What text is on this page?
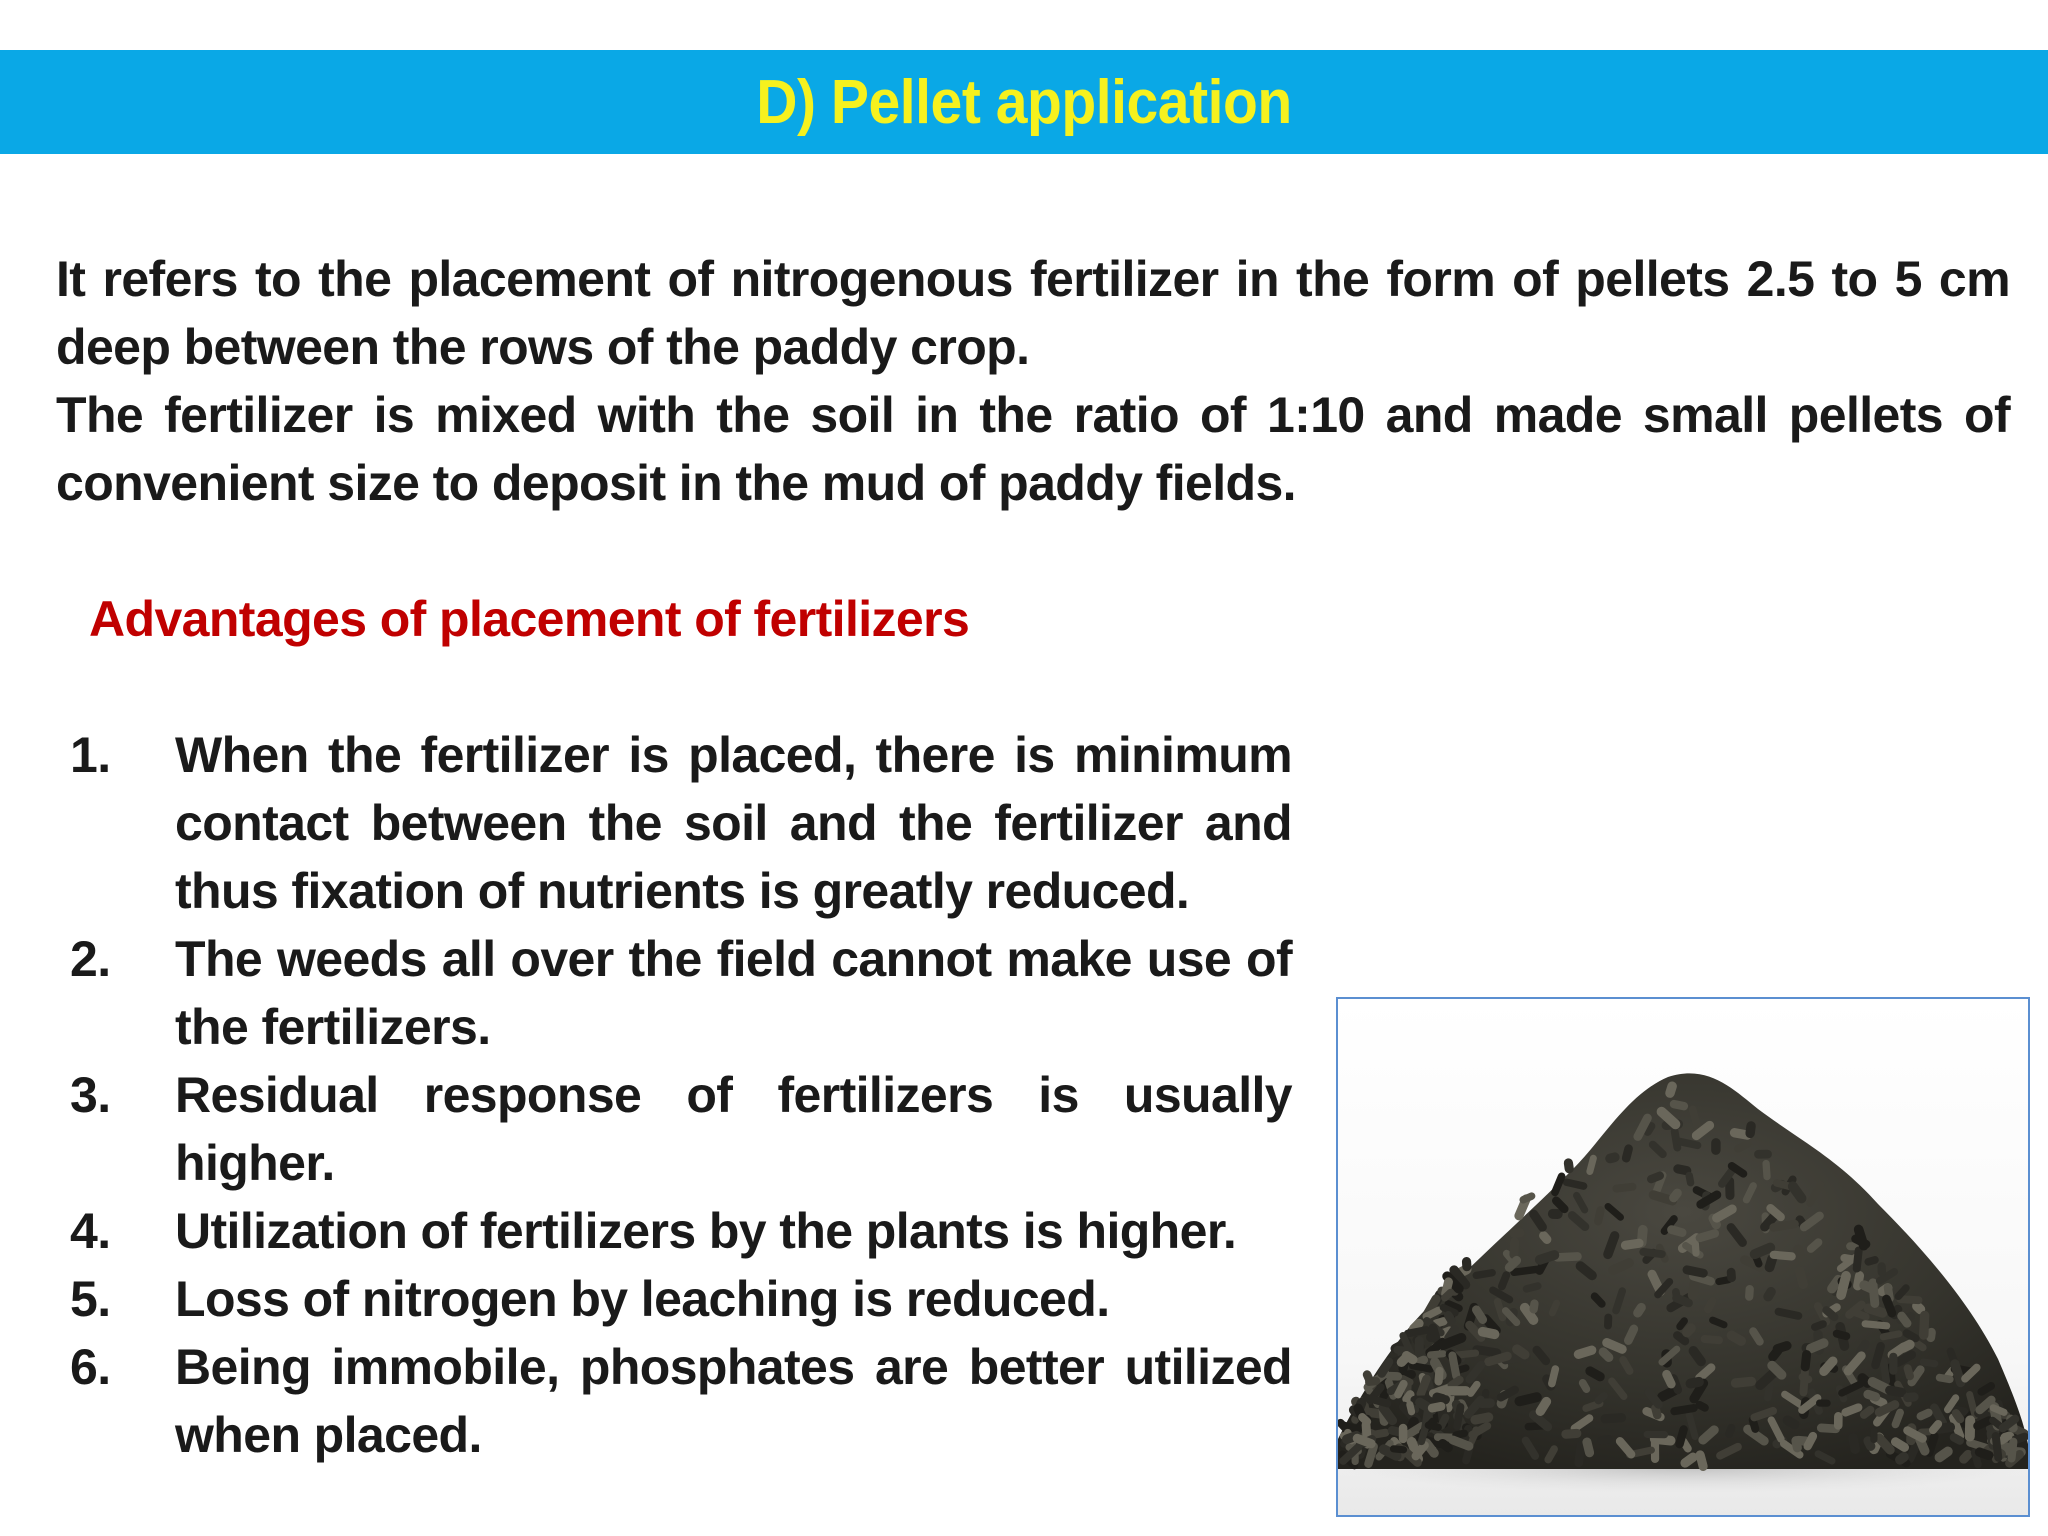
D) Pellet application

It refers to the placement of nitrogenous fertilizer in the form of pellets 2.5 to 5 cm deep between the rows of the paddy crop.

The fertilizer is mixed with the soil in the ratio of 1:10 and made small pellets of convenient size to deposit in the mud of paddy fields.

Advantages of placement of fertilizers
1.	When the fertilizer is placed, there is minimum contact between the soil and the fertilizer and thus fixation of nutrients is greatly reduced.
2.	The weeds all over the field cannot make use of the fertilizers.
3.	Residual response of fertilizers is usually higher.
4.	Utilization of fertilizers by the plants is higher.
5.	Loss of nitrogen by leaching is reduced.
6.	Being immobile, phosphates are better utilized when placed.
